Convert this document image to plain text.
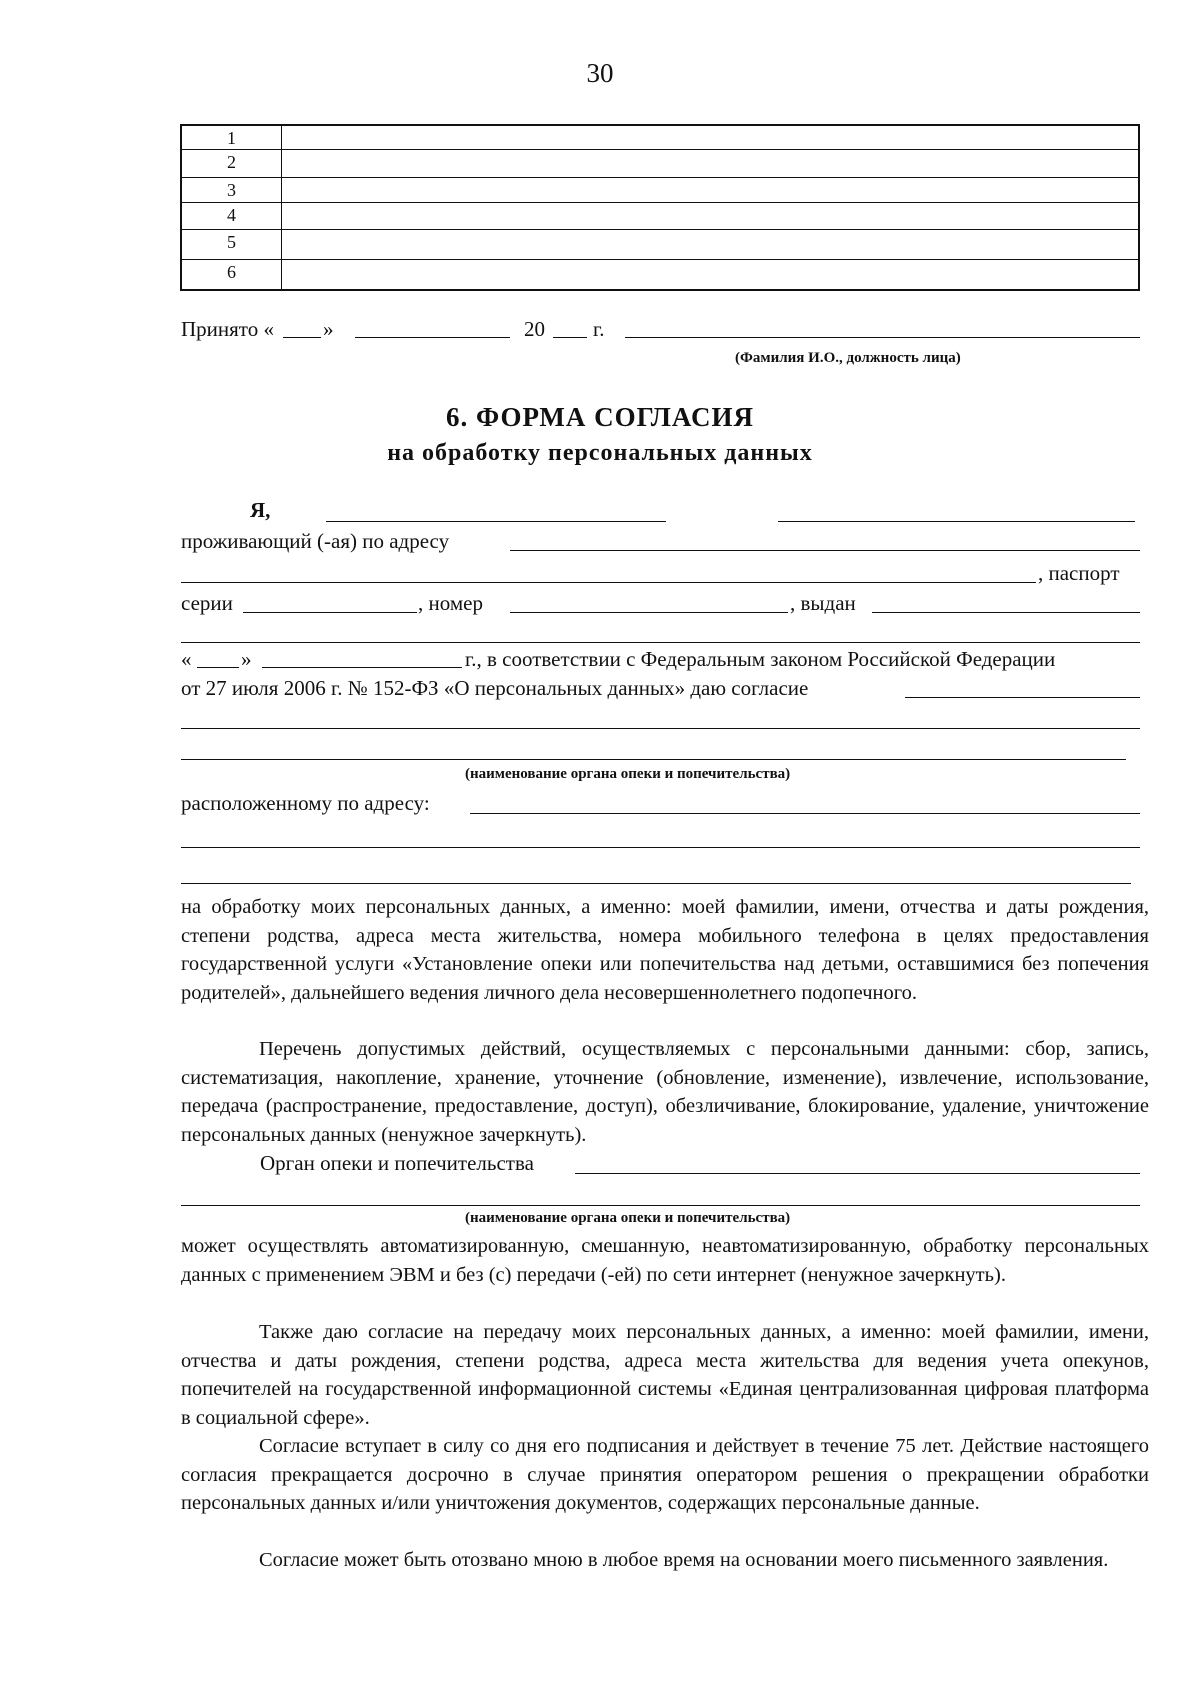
30
1
2
3
4
5
6
Принято « »	20 г.
(Фамилия И.О., должность лица)
6. ФОРМА СОГЛАСИЯ
на обработку персональных данных
Я,
проживающий (-ая) по адресу
, паспорт
серии	, номер	, выдан
« »	г., в соответствии с Федеральным законом Российской Федерации
от 27 июля 2006 г. № 152-ФЗ «О персональных данных» даю согласие
(наименование органа опеки и попечительства)
расположенному по адресу:
на обработку моих персональных данных, а именно: моей фамилии, имени, отчества и даты рождения, степени родства, адреса места жительства, номера мобильного телефона в целях предоставления государственной услуги «Установление опеки или попечительства над детьми, оставшимися без попечения родителей», дальнейшего ведения личного дела несовершеннолетнего подопечного.
Перечень допустимых действий, осуществляемых с персональными данными: сбор, запись, систематизация, накопление, хранение, уточнение (обновление, изменение), извлечение, использование, передача (распространение, предоставление, доступ), обезличивание, блокирование, удаление, уничтожение персональных данных (ненужное зачеркнуть).
Орган опеки и попечительства
(наименование органа опеки и попечительства)
может осуществлять автоматизированную, смешанную, неавтоматизированную, обработку персональных данных с применением ЭВМ и без (с) передачи (-ей) по сети интернет (ненужное зачеркнуть).
Также даю согласие на передачу моих персональных данных, а именно: моей фамилии, имени, отчества и даты рождения, степени родства, адреса места жительства для ведения учета опекунов, попечителей на государственной информационной системы «Единая централизованная цифровая платформа в социальной сфере».
Согласие вступает в силу со дня его подписания и действует в течение 75 лет. Действие настоящего согласия прекращается досрочно в случае принятия оператором решения о прекращении обработки персональных данных и/или уничтожения документов, содержащих персональные данные.
Согласие может быть отозвано мною в любое время на основании моего письменного заявления.
